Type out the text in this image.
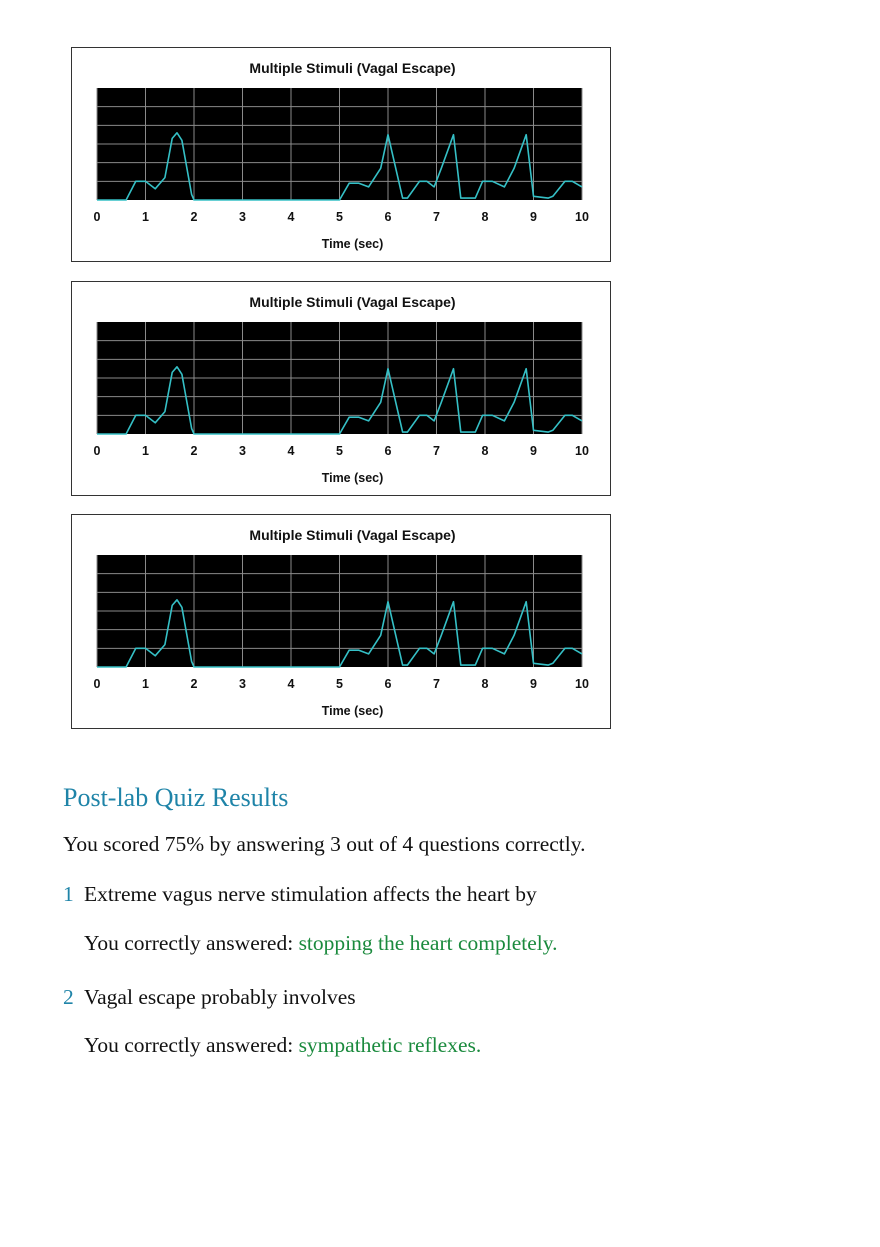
Multiple Stimuli (Vagal Escape)
0	1	2	3	4	5	6	7	8	9	10
Time (sec)
Multiple Stimuli (Vagal Escape)
0	1	2	3	4	5	6	7	8	9	10
Time (sec)
Multiple Stimuli (Vagal Escape)
0	1	2	3	4	5	6	7	8	9	10
Time (sec)
Post-lab Quiz Results

You scored 75% by answering 3 out of 4 questions correctly.

1 Extreme vagus nerve stimulation affects the heart by
You correctly answered: stopping the heart completely.
2 Vagal escape probably involves
You correctly answered: sympathetic reflexes.
